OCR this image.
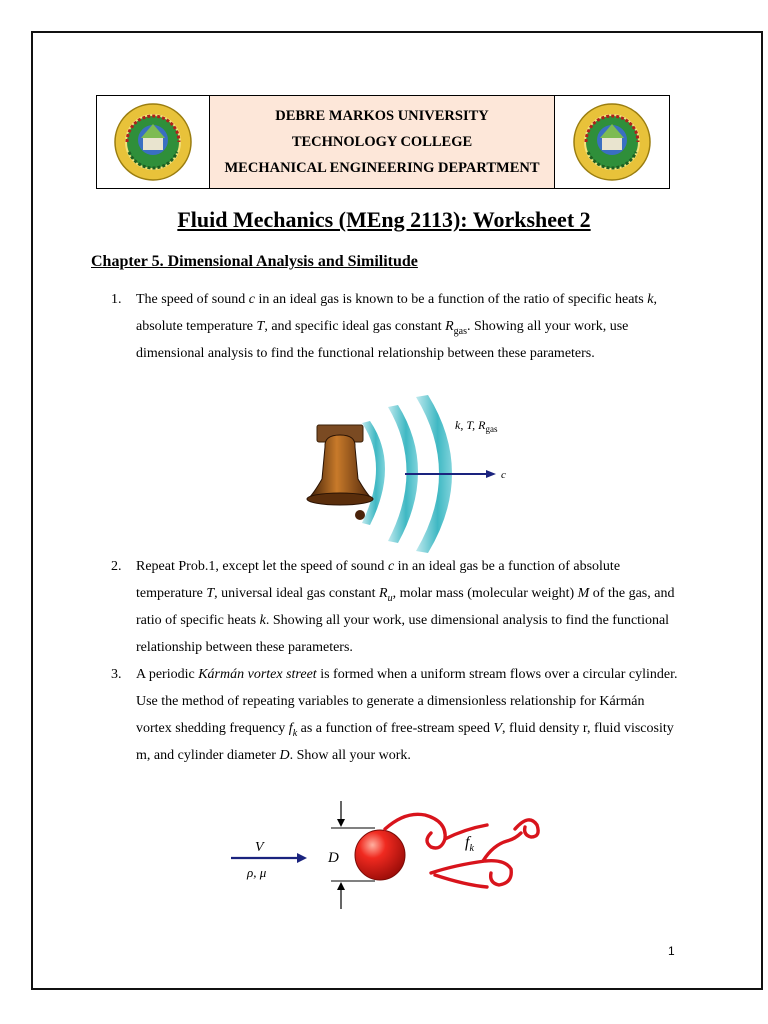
DEBRE MARKOS UNIVERSITY
TECHNOLOGY COLLEGE
MECHANICAL ENGINEERING DEPARTMENT
Fluid Mechanics (MEng 2113): Worksheet 2
Chapter 5. Dimensional Analysis and Similitude
1. The speed of sound c in an ideal gas is known to be a function of the ratio of specific heats k, absolute temperature T, and specific ideal gas constant $R_{gas}$. Showing all your work, use dimensional analysis to find the functional relationship between these parameters.
k, T, $R_{gas}$
c
2. Repeat Prob.1, except let the speed of sound c in an ideal gas be a function of absolute temperature T, universal ideal gas constant $R_u$, molar mass (molecular weight) M of the gas, and ratio of specific heats k. Showing all your work, use dimensional analysis to find the functional relationship between these parameters.
3. A periodic Kármán vortex street is formed when a uniform stream flows over a circular cylinder. Use the method of repeating variables to generate a dimensionless relationship for Kármán vortex shedding frequency $f_k$ as a function of free-stream speed V, fluid density r, fluid viscosity m, and cylinder diameter D. Show all your work.
V
ρ, μ
D
$f_k$
1
